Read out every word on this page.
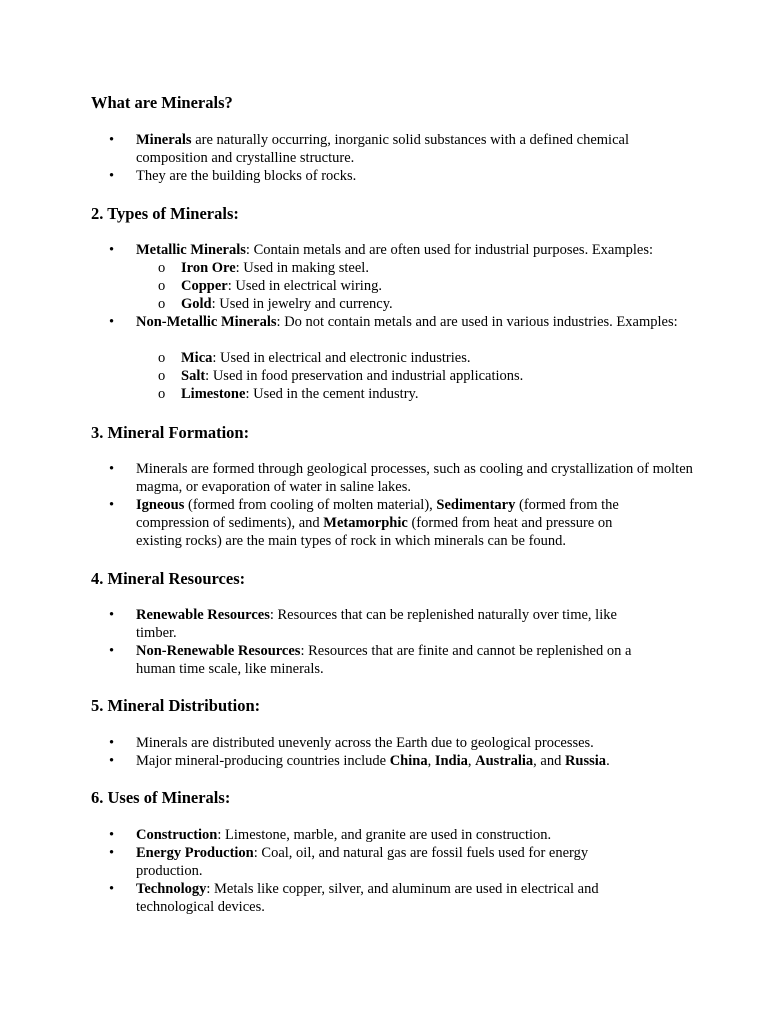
What are Minerals?
•	Minerals are naturally occurring, inorganic solid substances with a defined chemical composition and crystalline structure.
•	They are the building blocks of rocks.
2. Types of Minerals:
•	Metallic Minerals: Contain metals and are often used for industrial purposes. Examples:
o Iron Ore: Used in making steel.
o Copper: Used in electrical wiring.
o Gold: Used in jewelry and currency.
•	Non-Metallic Minerals: Do not contain metals and are used in various industries. Examples:
o Mica: Used in electrical and electronic industries.
o Salt: Used in food preservation and industrial applications.
o Limestone: Used in the cement industry.
3. Mineral Formation:
•	Minerals are formed through geological processes, such as cooling and crystallization of molten magma, or evaporation of water in saline lakes.
•	Igneous (formed from cooling of molten material), Sedimentary (formed from the compression of sediments), and Metamorphic (formed from heat and pressure on existing rocks) are the main types of rock in which minerals can be found.
4. Mineral Resources:
•	Renewable Resources: Resources that can be replenished naturally over time, like timber.
•	Non-Renewable Resources: Resources that are finite and cannot be replenished on a human time scale, like minerals.
5. Mineral Distribution:
•	Minerals are distributed unevenly across the Earth due to geological processes.
•	Major mineral-producing countries include China, India, Australia, and Russia.
6. Uses of Minerals:
•	Construction: Limestone, marble, and granite are used in construction.
•	Energy Production: Coal, oil, and natural gas are fossil fuels used for energy production.
•	Technology: Metals like copper, silver, and aluminum are used in electrical and technological devices.
